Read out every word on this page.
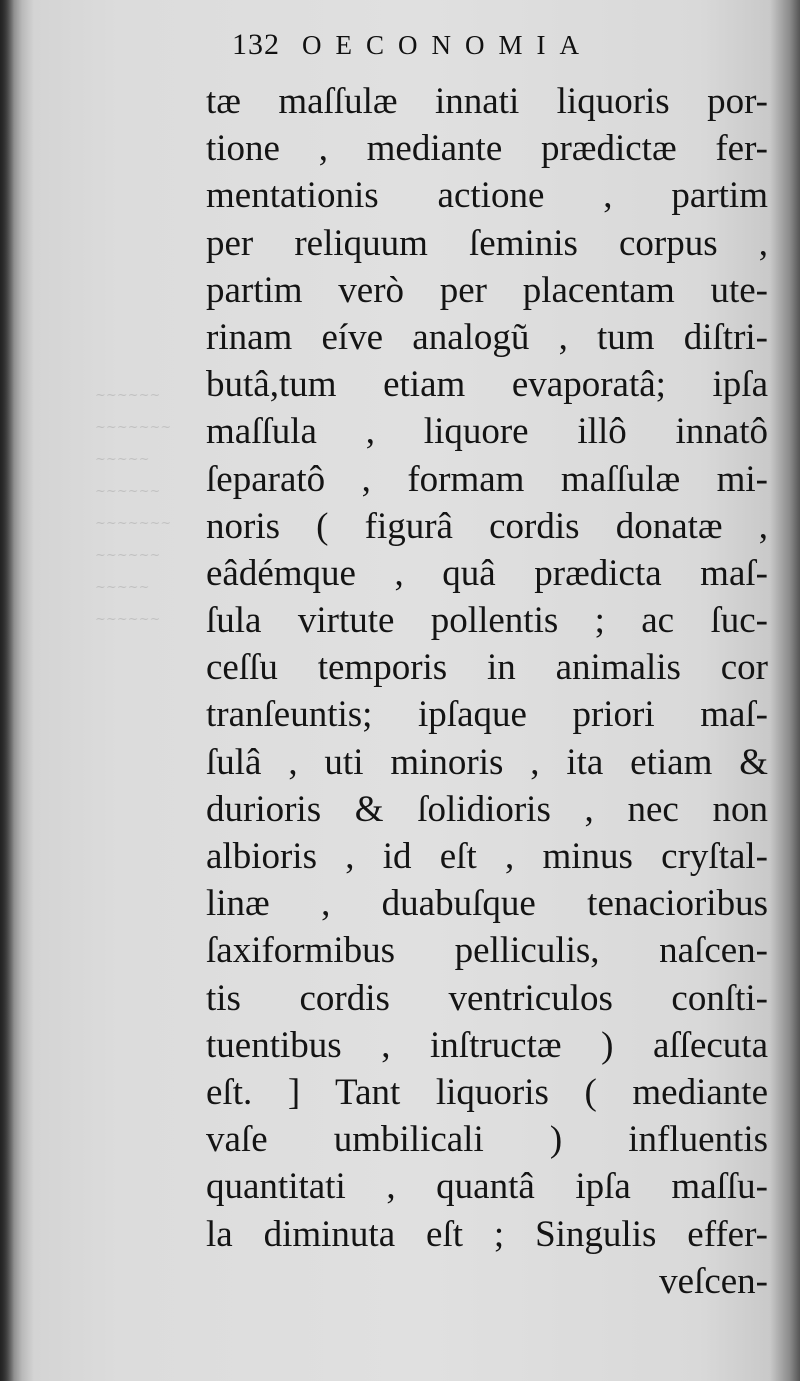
~~~~~~
~~~~~~~
~~~~~
~~~~~~
~~~~~~~
~~~~~~
~~~~~
~~~~~~
132 OECONOMIA
tæ maſſulæ innati liquoris por-
tione , mediante prædictæ fer-
mentationis actione , partim
per reliquum ſeminis corpus ,
partim verò per placentam ute-
rinam eíve analogũ , tum diſtri-
butâ,tum etiam evaporatâ; ipſa
maſſula , liquore illô innatô
ſeparatô , formam maſſulæ mi-
noris ( figurâ cordis donatæ ,
eâdémque , quâ prædicta maſ-
ſula virtute pollentis ; ac ſuc-
ceſſu temporis in animalis cor
tranſeuntis; ipſaque priori maſ-
ſulâ , uti minoris , ita etiam &
durioris & ſolidioris , nec non
albioris , id eſt , minus cryſtal-
linæ , duabuſque tenacioribus
ſaxiformibus pelliculis, naſcen-
tis cordis ventriculos conſti-
tuentibus , inſtructæ ) aſſecuta
eſt. ] Tant liquoris ( mediante
vaſe umbilicali ) influentis
quantitati , quantâ ipſa maſſu-
la diminuta eſt ; Singulis effer-
veſcen-
